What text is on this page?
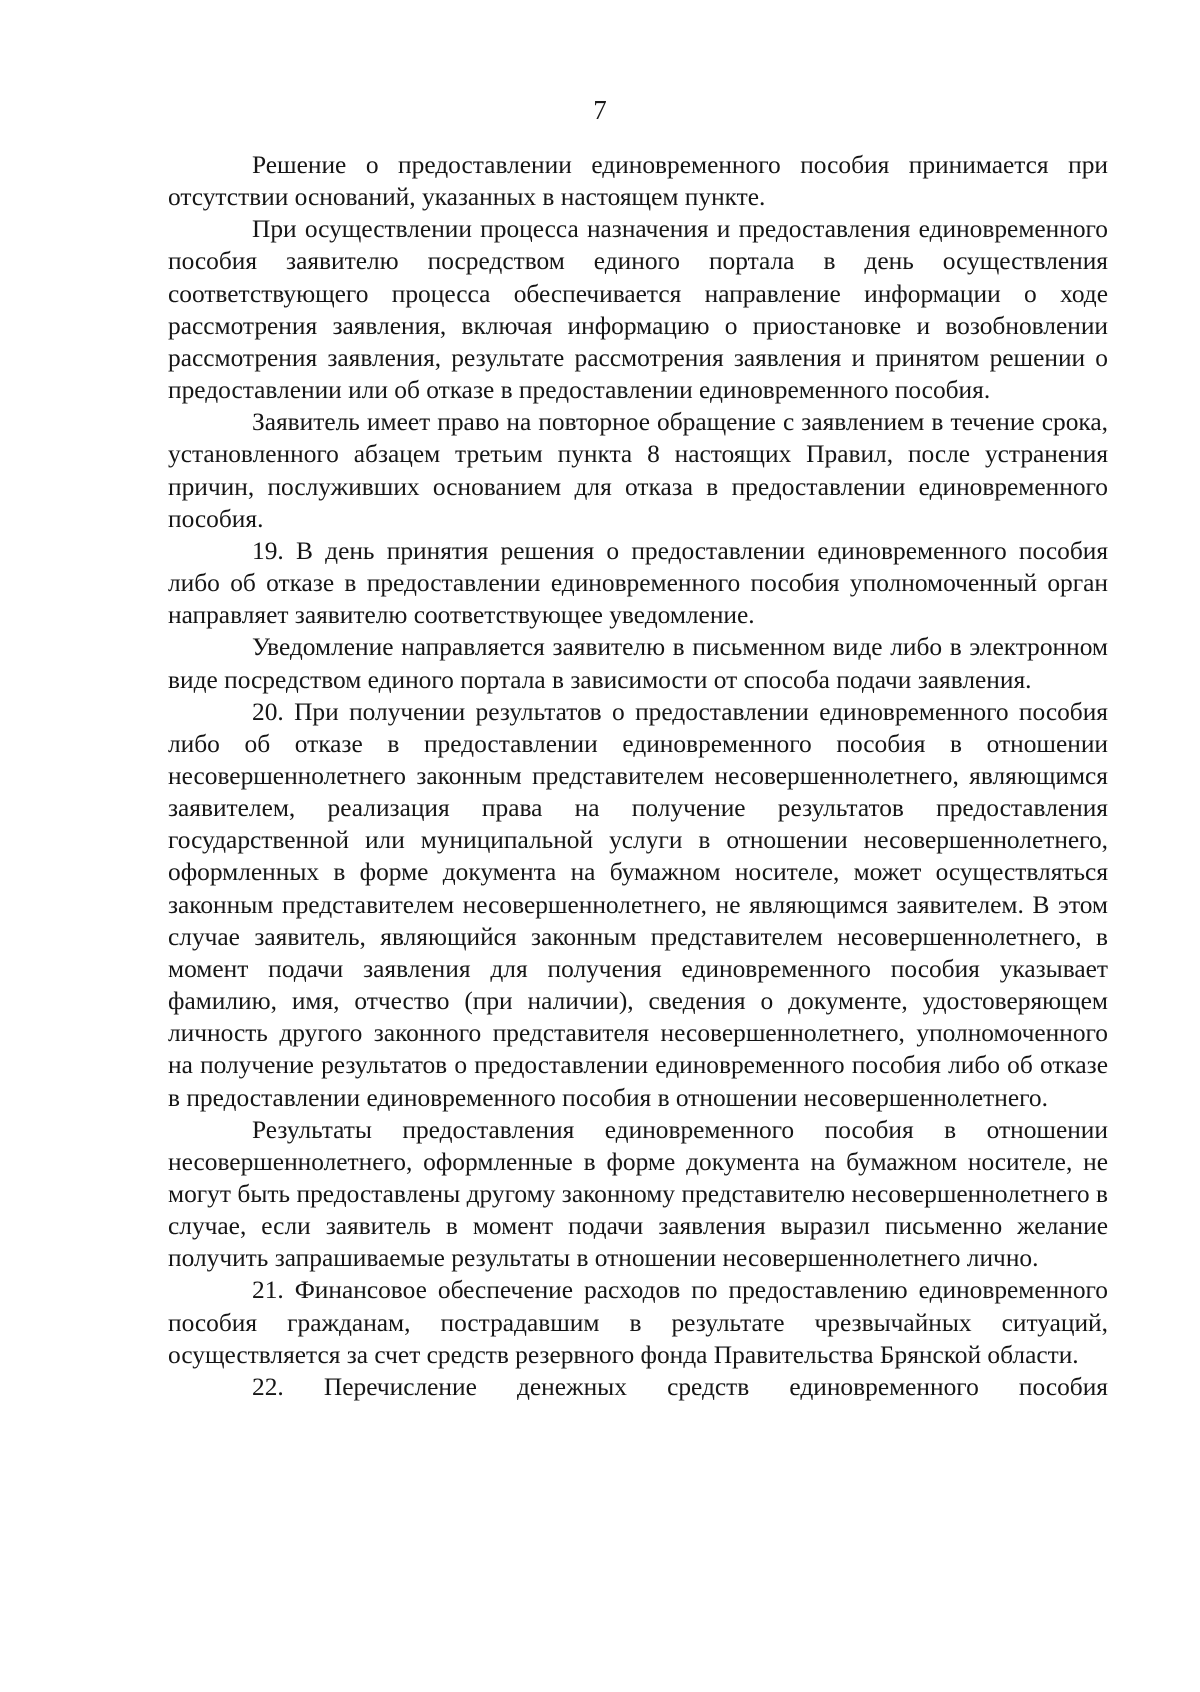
7

Решение о предоставлении единовременного пособия принимается при отсутствии оснований, указанных в настоящем пункте.

При осуществлении процесса назначения и предоставления единовременного пособия заявителю посредством единого портала в день осуществления соответствующего процесса обеспечивается направление информации о ходе рассмотрения заявления, включая информацию о приостановке и возобновлении рассмотрения заявления, результате рассмотрения заявления и принятом решении о предоставлении или об отказе в предоставлении единовременного пособия.

Заявитель имеет право на повторное обращение с заявлением в течение срока, установленного абзацем третьим пункта 8 настоящих Правил, после устранения причин, послуживших основанием для отказа в предоставлении единовременного пособия.

19. В день принятия решения о предоставлении единовременного пособия либо об отказе в предоставлении единовременного пособия уполномоченный орган направляет заявителю соответствующее уведомление.

Уведомление направляется заявителю в письменном виде либо в электронном виде посредством единого портала в зависимости от способа подачи заявления.

20. При получении результатов о предоставлении единовременного пособия либо об отказе в предоставлении единовременного пособия в отношении несовершеннолетнего законным представителем несовершеннолетнего, являющимся заявителем, реализация права на получение результатов предоставления государственной или муниципальной услуги в отношении несовершеннолетнего, оформленных в форме документа на бумажном носителе, может осуществляться законным представителем несовершеннолетнего, не являющимся заявителем. В этом случае заявитель, являющийся законным представителем несовершеннолетнего, в момент подачи заявления для получения единовременного пособия указывает фамилию, имя, отчество (при наличии), сведения о документе, удостоверяющем личность другого законного представителя несовершеннолетнего, уполномоченного на получение результатов о предоставлении единовременного пособия либо об отказе в предоставлении единовременного пособия в отношении несовершеннолетнего.

Результаты предоставления единовременного пособия в отношении несовершеннолетнего, оформленные в форме документа на бумажном носителе, не могут быть предоставлены другому законному представителю несовершеннолетнего в случае, если заявитель в момент подачи заявления выразил письменно желание получить запрашиваемые результаты в отношении несовершеннолетнего лично.

21. Финансовое обеспечение расходов по предоставлению единовременного пособия гражданам, пострадавшим в результате чрезвычайных ситуаций, осуществляется за счет средств резервного фонда Правительства Брянской области.

22. Перечисление денежных средств единовременного пособия
